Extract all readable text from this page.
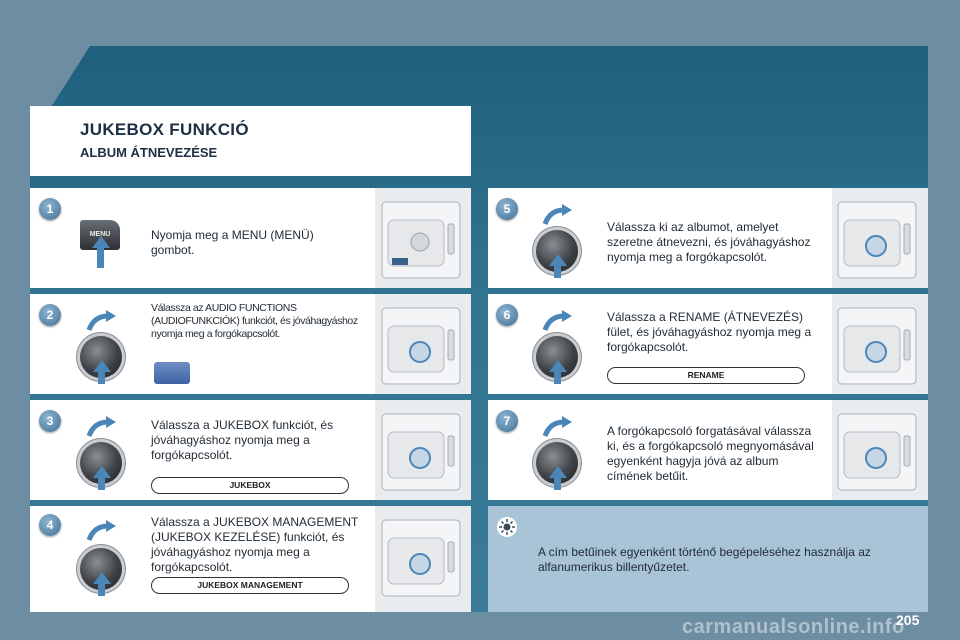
JUKEBOX FUNKCIÓ
ALBUM ÁTNEVEZÉSE
1
MENU	Nyomja meg a MENU (MENÜ) gombot.
2	Válassza az AUDIO FUNCTIONS (AUDIOFUNKCIÓK) funkciót, és jóváhagyáshoz nyomja meg a forgókapcsolót.
3	Válassza a JUKEBOX funkciót, és jóváhagyáshoz nyomja meg a forgókapcsolót.
JUKEBOX
4	Válassza a JUKEBOX MANAGEMENT (JUKEBOX KEZELÉSE) funkciót, és jóváhagyáshoz nyomja meg a forgókapcsolót.
JUKEBOX MANAGEMENT
5
Válassza ki az albumot, amelyet szeretne átnevezni, és jóváhagyáshoz nyomja meg a forgókapcsolót.
6	Válassza a RENAME (ÁTNEVEZÉS) fület, és jóváhagyáshoz nyomja meg a forgókapcsolót.
RENAME
7
A forgókapcsoló forgatásával válassza ki, és a forgókapcsoló megnyomásával egyenként hagyja jóvá az album címének betűit.
A cím betűinek egyenként történő begépeléséhez használja az alfanumerikus billentyűzetet.
carmanualsonline.info
205
